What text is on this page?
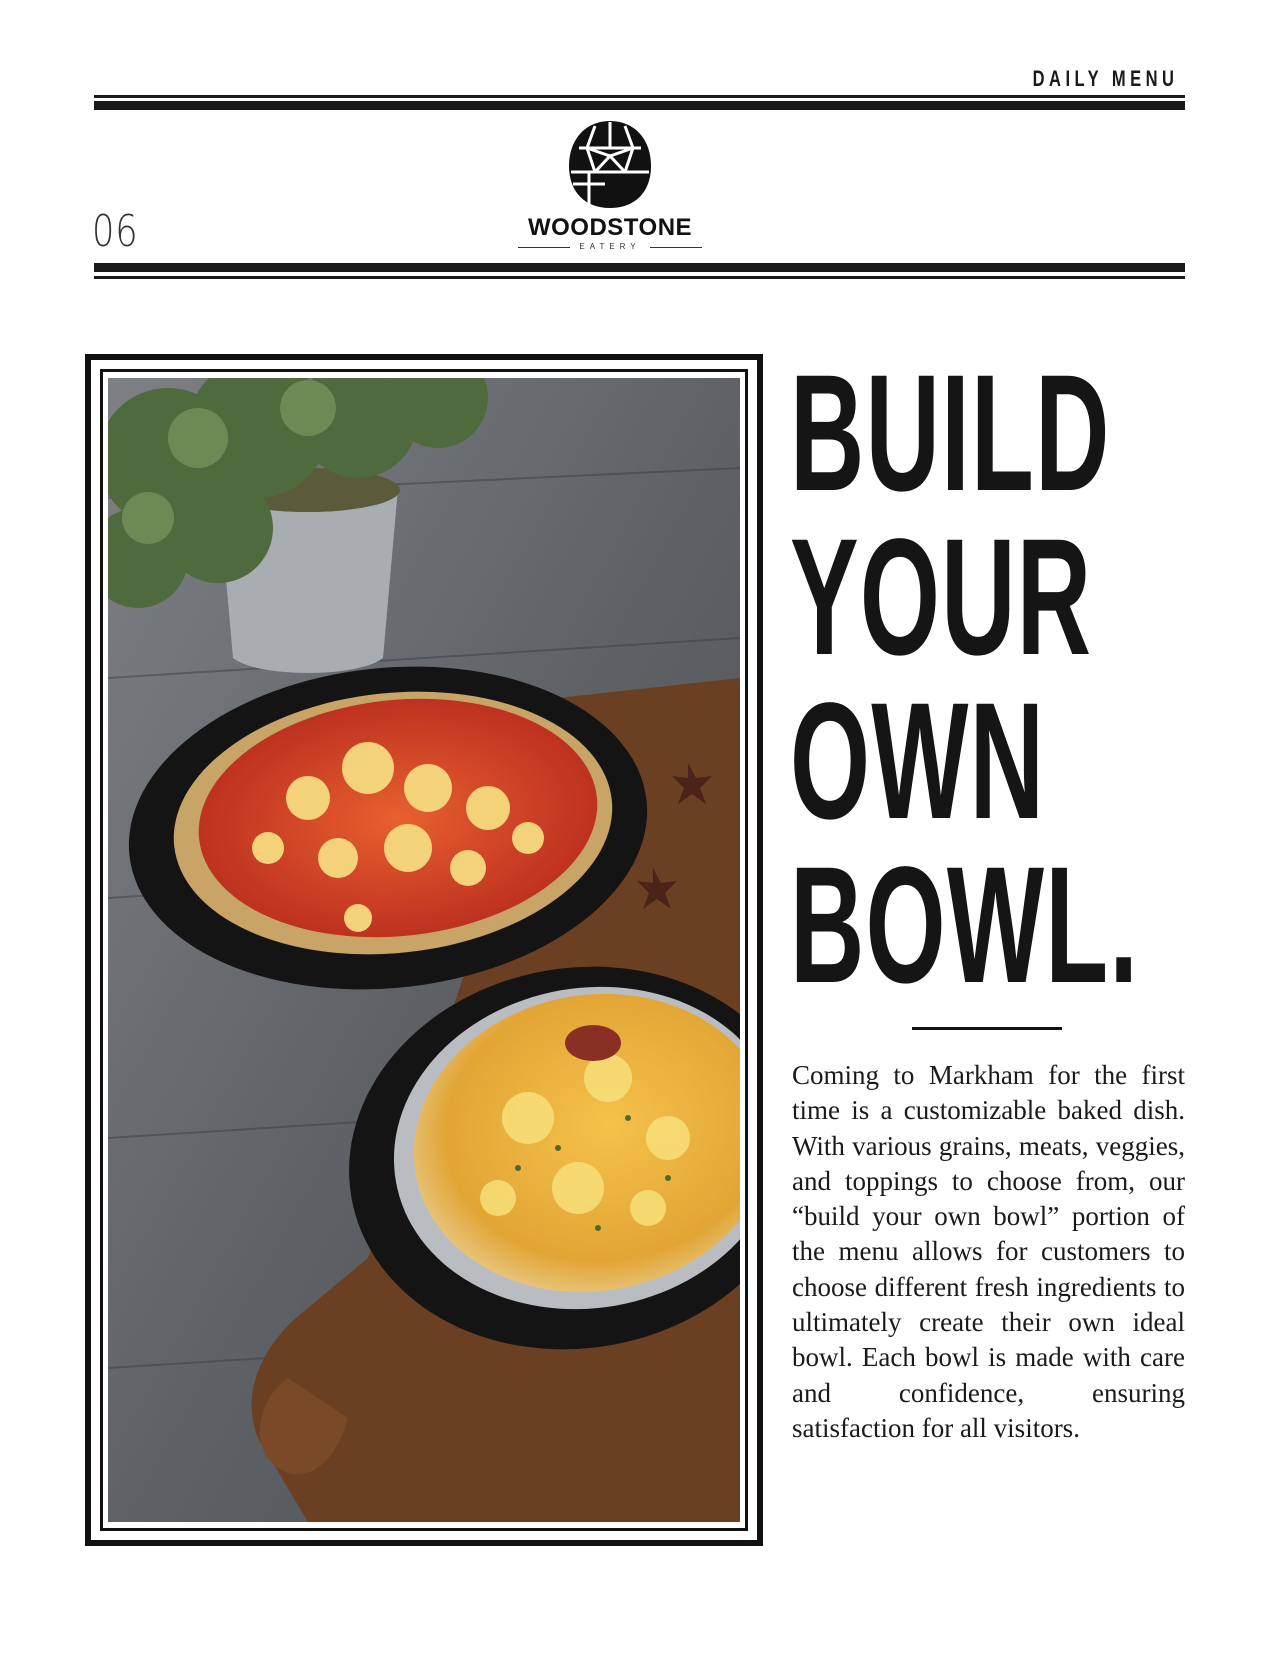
DAILY MENU
06	WOODSTONE
EATERY
BUILD
YOUR
OWN
BOWL.

Coming to Markham for the first time is a customizable baked dish. With various grains, meats, veggies, and toppings to choose from, our “build your own bowl” portion of the menu allows for customers to choose different fresh ingredients to ultimately create their own ideal bowl. Each bowl is made with care and confidence, ensuring satisfaction for all visitors.
